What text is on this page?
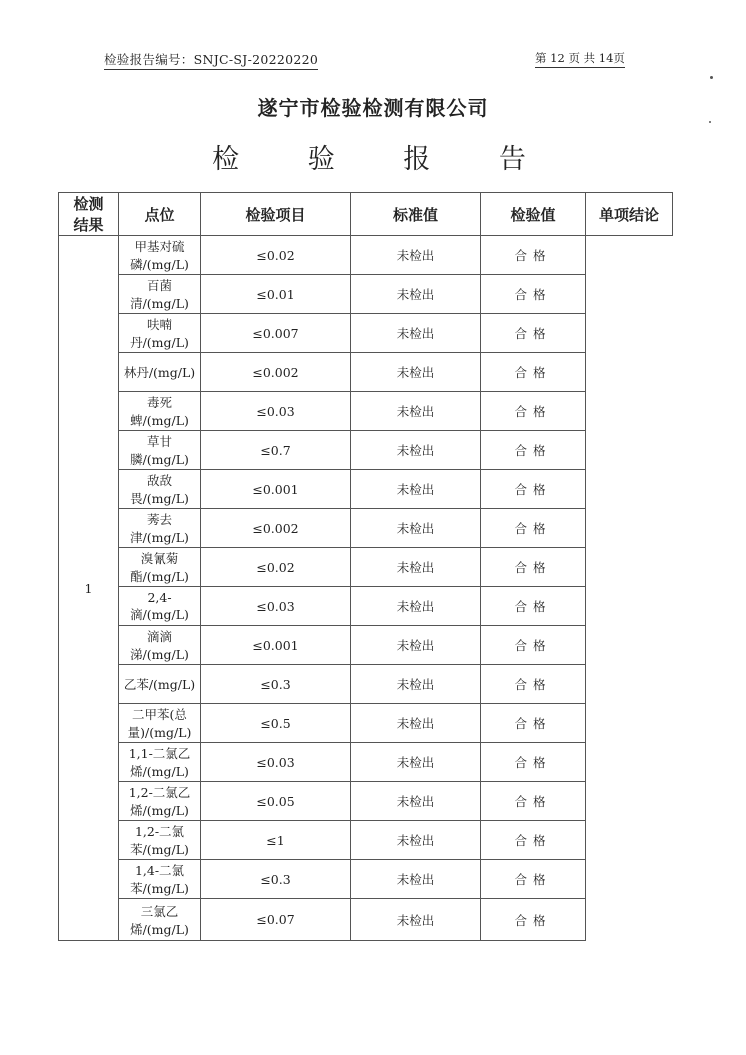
检验报告编号：SNJC-SJ-20220220	第 12 页 共 14页
遂宁市检验检测有限公司
检 验 报 告
检测
结果	点位	检验项目	标准值	检验值	单项结论
1	甲基对硫磷/(mg/L)	≤0.02	未检出	合格	
	百菌清/(mg/L)	≤0.01	未检出	合格	
	呋喃丹/(mg/L)	≤0.007	未检出	合格	
	林丹/(mg/L)	≤0.002	未检出	合格	
	毒死蜱/(mg/L)	≤0.03	未检出	合格	
	草甘膦/(mg/L)	≤0.7	未检出	合格	
	敌敌畏/(mg/L)	≤0.001	未检出	合格	
	莠去津/(mg/L)	≤0.002	未检出	合格	
	溴氰菊酯/(mg/L)	≤0.02	未检出	合格	
	2,4-滴/(mg/L)	≤0.03	未检出	合格	
	滴滴涕/(mg/L)	≤0.001	未检出	合格	
	乙苯/(mg/L)	≤0.3	未检出	合格	
	二甲苯(总量)/(mg/L)	≤0.5	未检出	合格	
	1,1-二氯乙烯/(mg/L)	≤0.03	未检出	合格	
	1,2-二氯乙烯/(mg/L)	≤0.05	未检出	合格	
	1,2-二氯苯/(mg/L)	≤1	未检出	合格	
	1,4-二氯苯/(mg/L)	≤0.3	未检出	合格	
	三氯乙烯/(mg/L)	≤0.07	未检出	合格	
